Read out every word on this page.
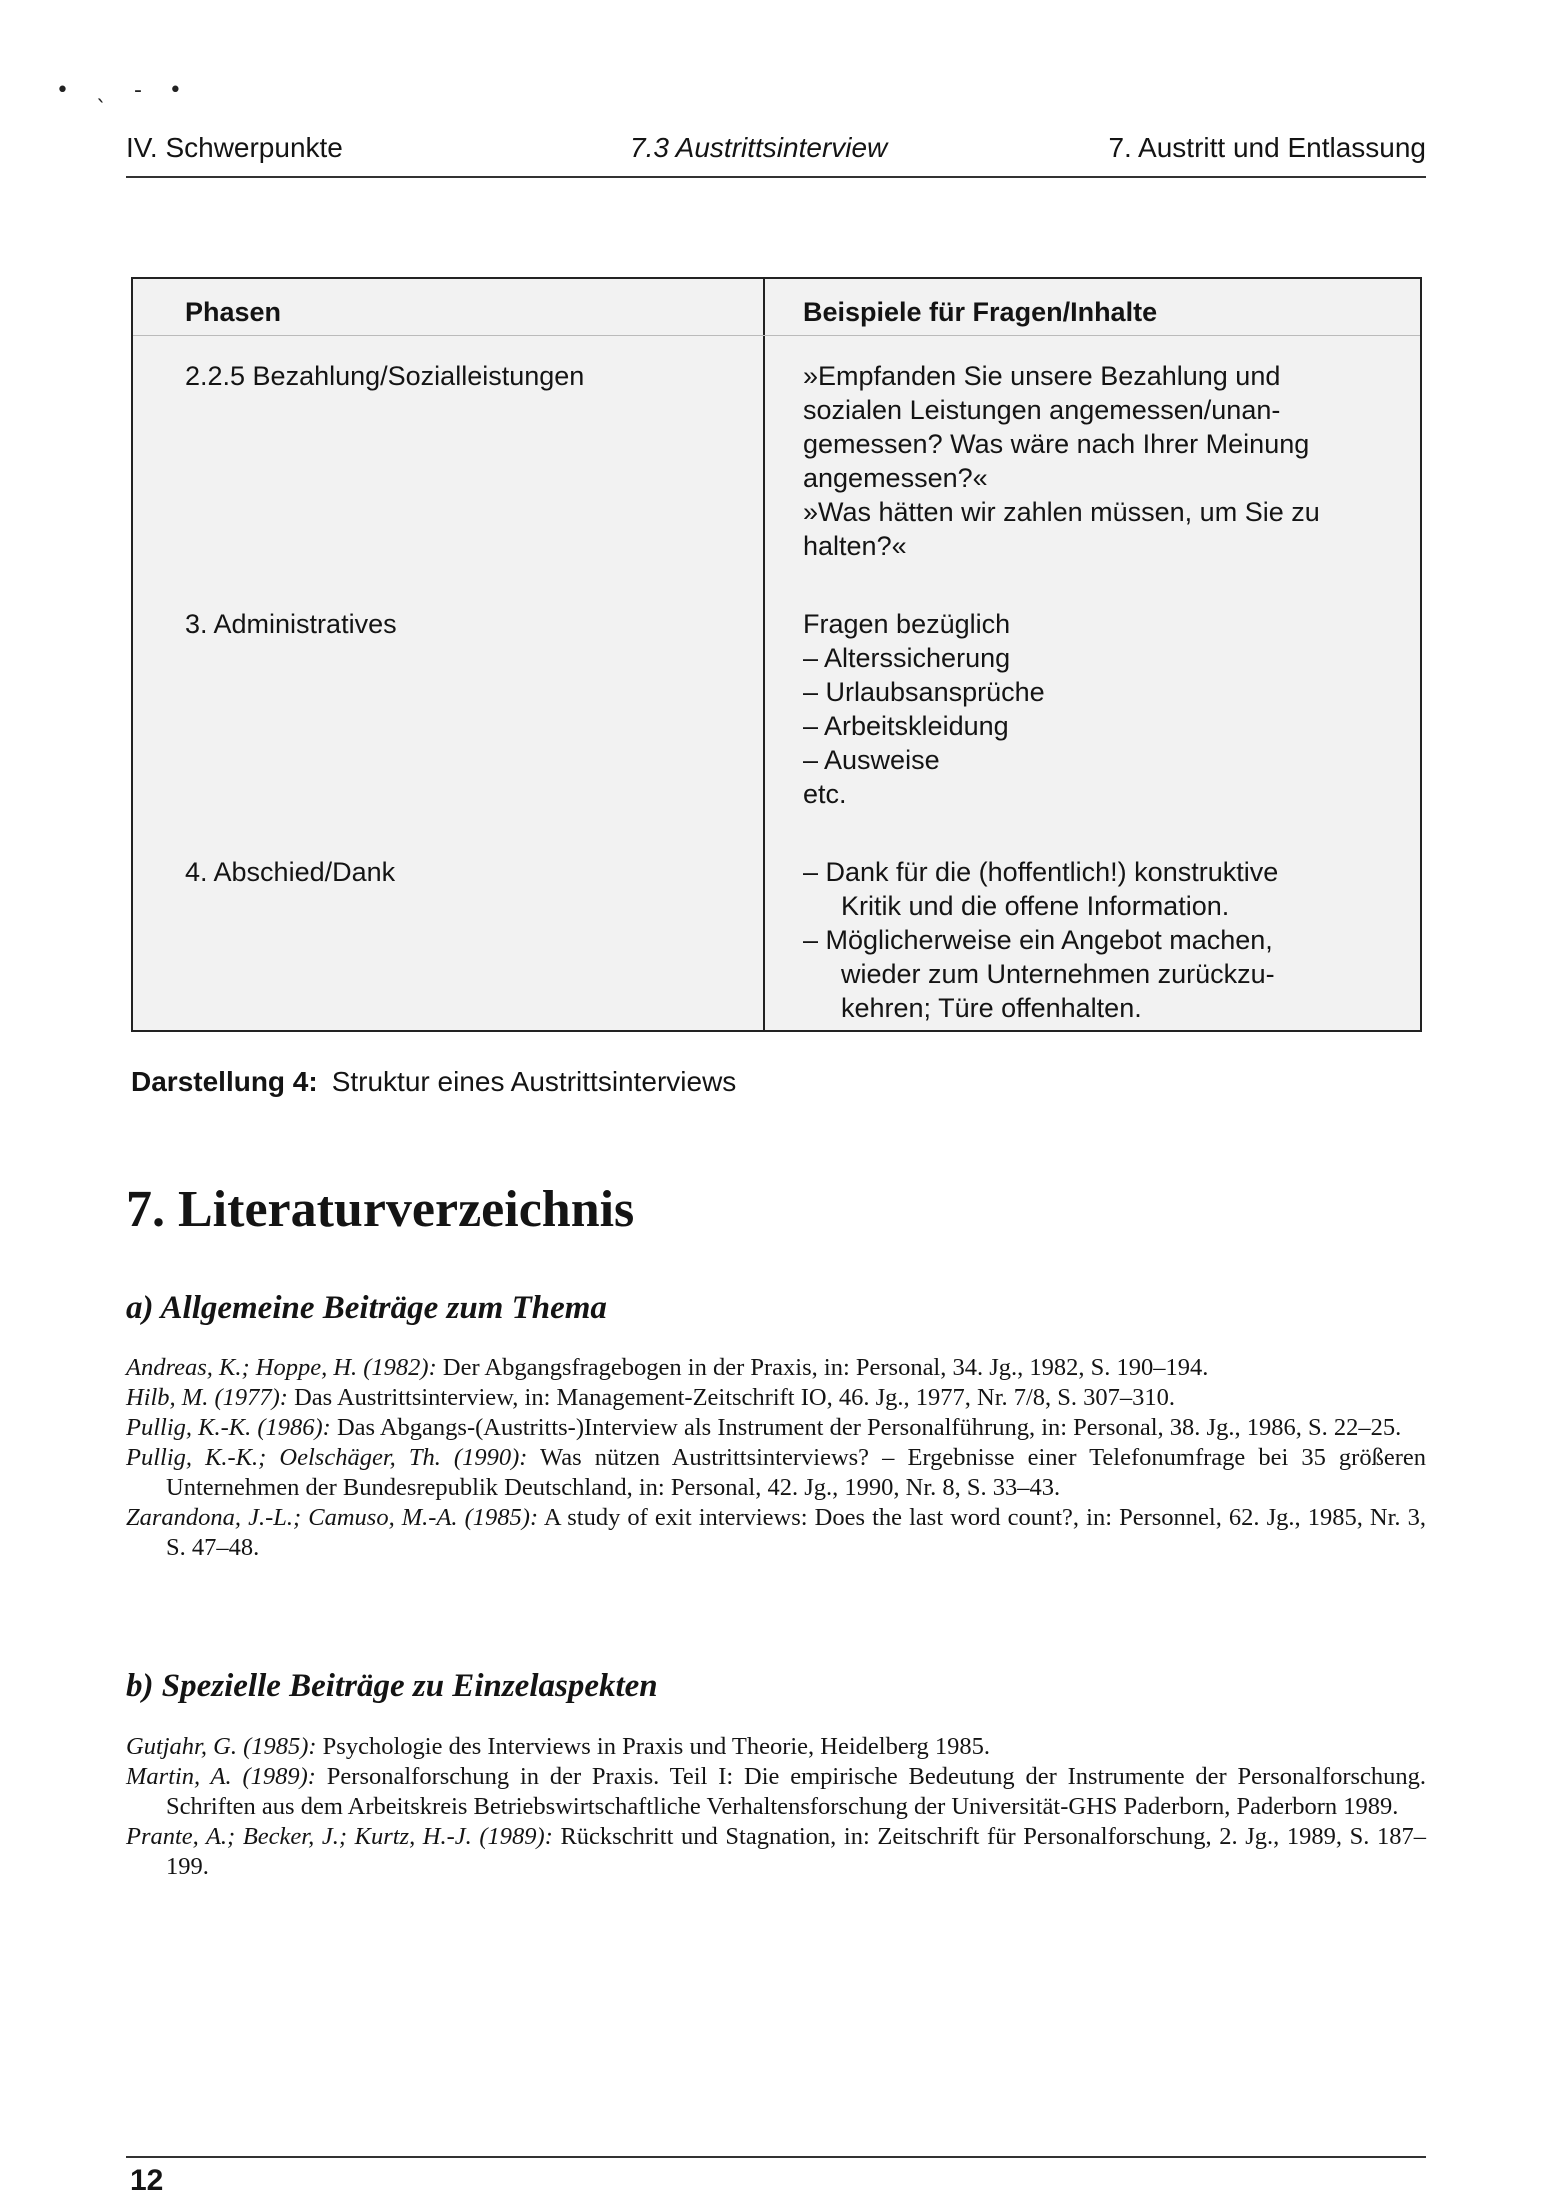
• ˎ - •
IV. Schwerpunkte	7.3 Austrittsinterview	7. Austritt und Entlassung
Phasen	Beispiele für Fragen/Inhalte
2.2.5 Bezahlung/Sozialleistungen	»Empfanden Sie unsere Bezahlung und
sozialen Leistungen angemessen/unan-
gemessen? Was wäre nach Ihrer Meinung
angemessen?«
»Was hätten wir zahlen müssen, um Sie zu
halten?«
3. Administratives	Fragen bezüglich
– Alterssicherung
– Urlaubsansprüche
– Arbeitskleidung
– Ausweise
etc.
4. Abschied/Dank	– Dank für die (hoffentlich!) konstruktive
Kritik und die offene Information.
– Möglicherweise ein Angebot machen,
wieder zum Unternehmen zurückzu-
kehren; Türe offenhalten.
Darstellung 4: Struktur eines Austrittsinterviews
7. Literaturverzeichnis
a) Allgemeine Beiträge zum Thema

Andreas, K.; Hoppe, H. (1982): Der Abgangsfragebogen in der Praxis, in: Personal, 34. Jg., 1982, S. 190–194.

Hilb, M. (1977): Das Austrittsinterview, in: Management-Zeitschrift IO, 46. Jg., 1977, Nr. 7/8, S. 307–310.

Pullig, K.-K. (1986): Das Abgangs-(Austritts-)Interview als Instrument der Personalführung, in: Personal, 38. Jg., 1986, S. 22–25.

Pullig, K.-K.; Oelschäger, Th. (1990): Was nützen Austrittsinterviews? – Ergebnisse einer Telefonumfrage bei 35 größeren Unternehmen der Bundesrepublik Deutschland, in: Personal, 42. Jg., 1990, Nr. 8, S. 33–43.

Zarandona, J.-L.; Camuso, M.-A. (1985): A study of exit interviews: Does the last word count?, in: Personnel, 62. Jg., 1985, Nr. 3, S. 47–48.

b) Spezielle Beiträge zu Einzelaspekten

Gutjahr, G. (1985): Psychologie des Interviews in Praxis und Theorie, Heidelberg 1985.

Martin, A. (1989): Personalforschung in der Praxis. Teil I: Die empirische Bedeutung der Instrumente der Personalforschung. Schriften aus dem Arbeitskreis Betriebswirtschaftliche Verhaltensforschung der Universität-GHS Paderborn, Paderborn 1989.

Prante, A.; Becker, J.; Kurtz, H.-J. (1989): Rückschritt und Stagnation, in: Zeitschrift für Personalforschung, 2. Jg., 1989, S. 187–199.

12
